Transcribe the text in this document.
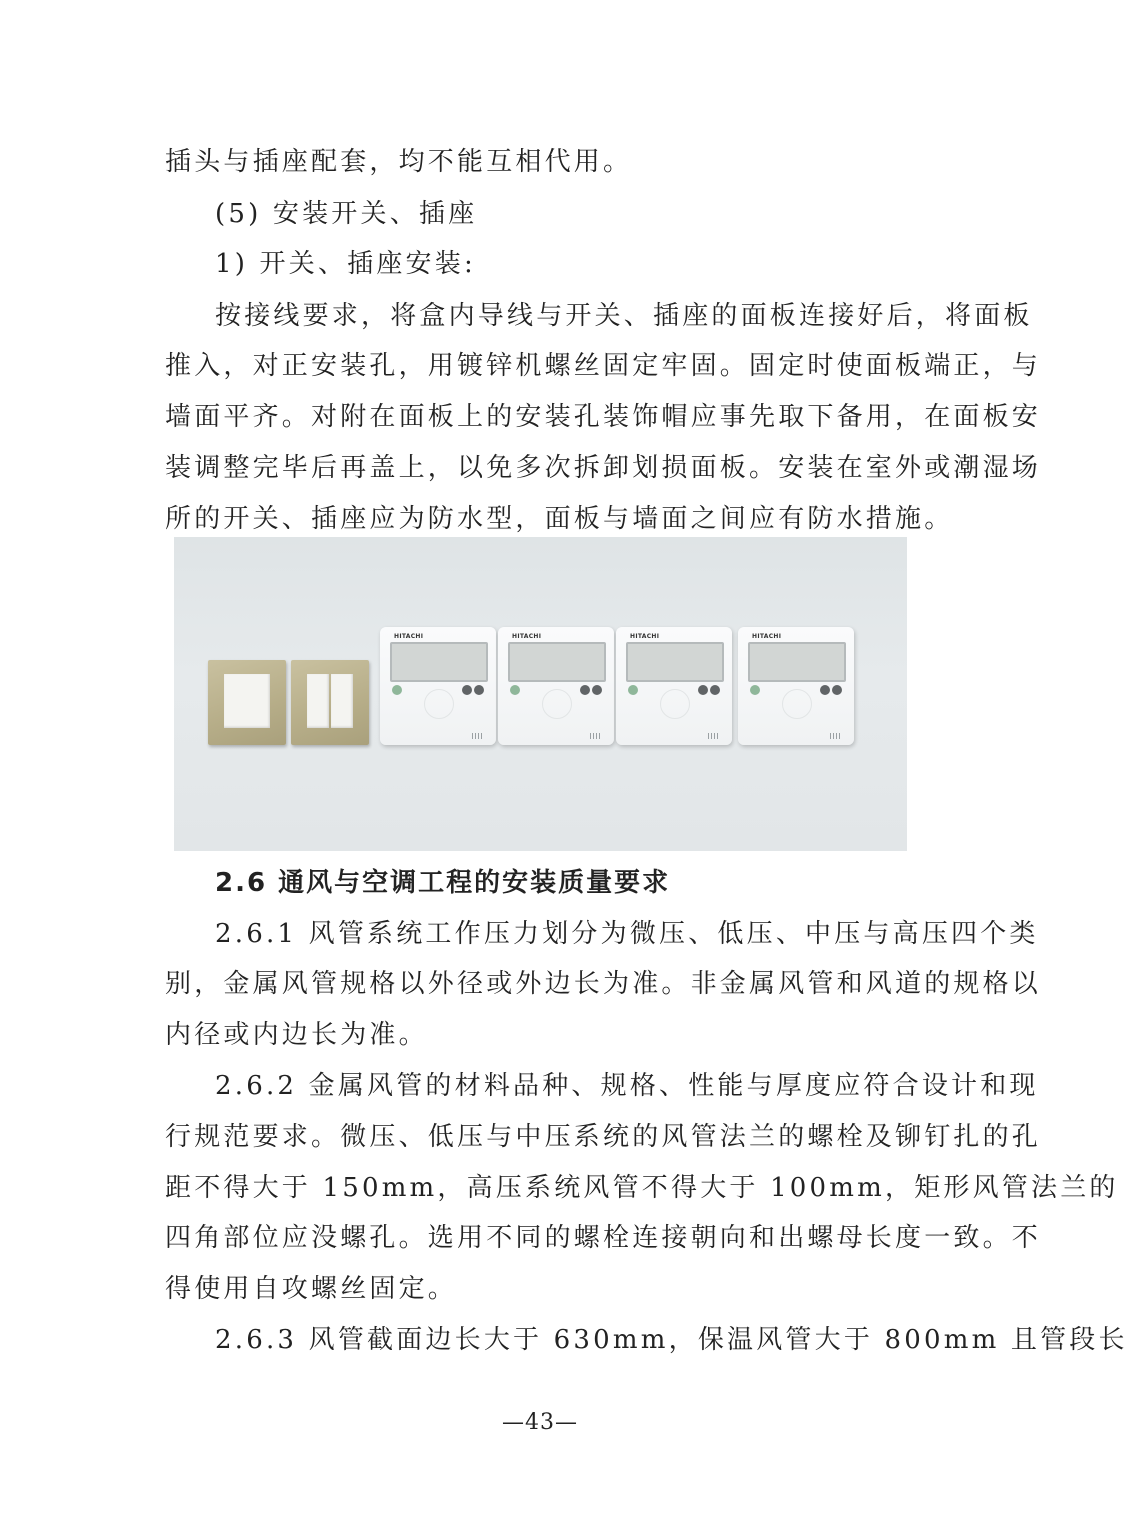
插头与插座配套，均不能互相代用。
(5) 安装开关、插座
1) 开关、插座安装:
按接线要求，将盒内导线与开关、插座的面板连接好后，将面板
推入，对正安装孔，用镀锌机螺丝固定牢固。固定时使面板端正，与
墙面平齐。对附在面板上的安装孔装饰帽应事先取下备用，在面板安
装调整完毕后再盖上，以免多次拆卸划损面板。安装在室外或潮湿场
所的开关、插座应为防水型，面板与墙面之间应有防水措施。
HITACHI	HITACHI	HITACHI	HITACHI
2.6 通风与空调工程的安装质量要求
2.6.1 风管系统工作压力划分为微压、低压、中压与高压四个类
别，金属风管规格以外径或外边长为准。非金属风管和风道的规格以
内径或内边长为准。
2.6.2 金属风管的材料品种、规格、性能与厚度应符合设计和现
行规范要求。微压、低压与中压系统的风管法兰的螺栓及铆钉扎的孔
距不得大于 150mm，高压系统风管不得大于 100mm，矩形风管法兰的
四角部位应没螺孔。选用不同的螺栓连接朝向和出螺母长度一致。不
得使用自攻螺丝固定。
2.6.3 风管截面边长大于 630mm，保温风管大于 800mm 且管段长
—43—
